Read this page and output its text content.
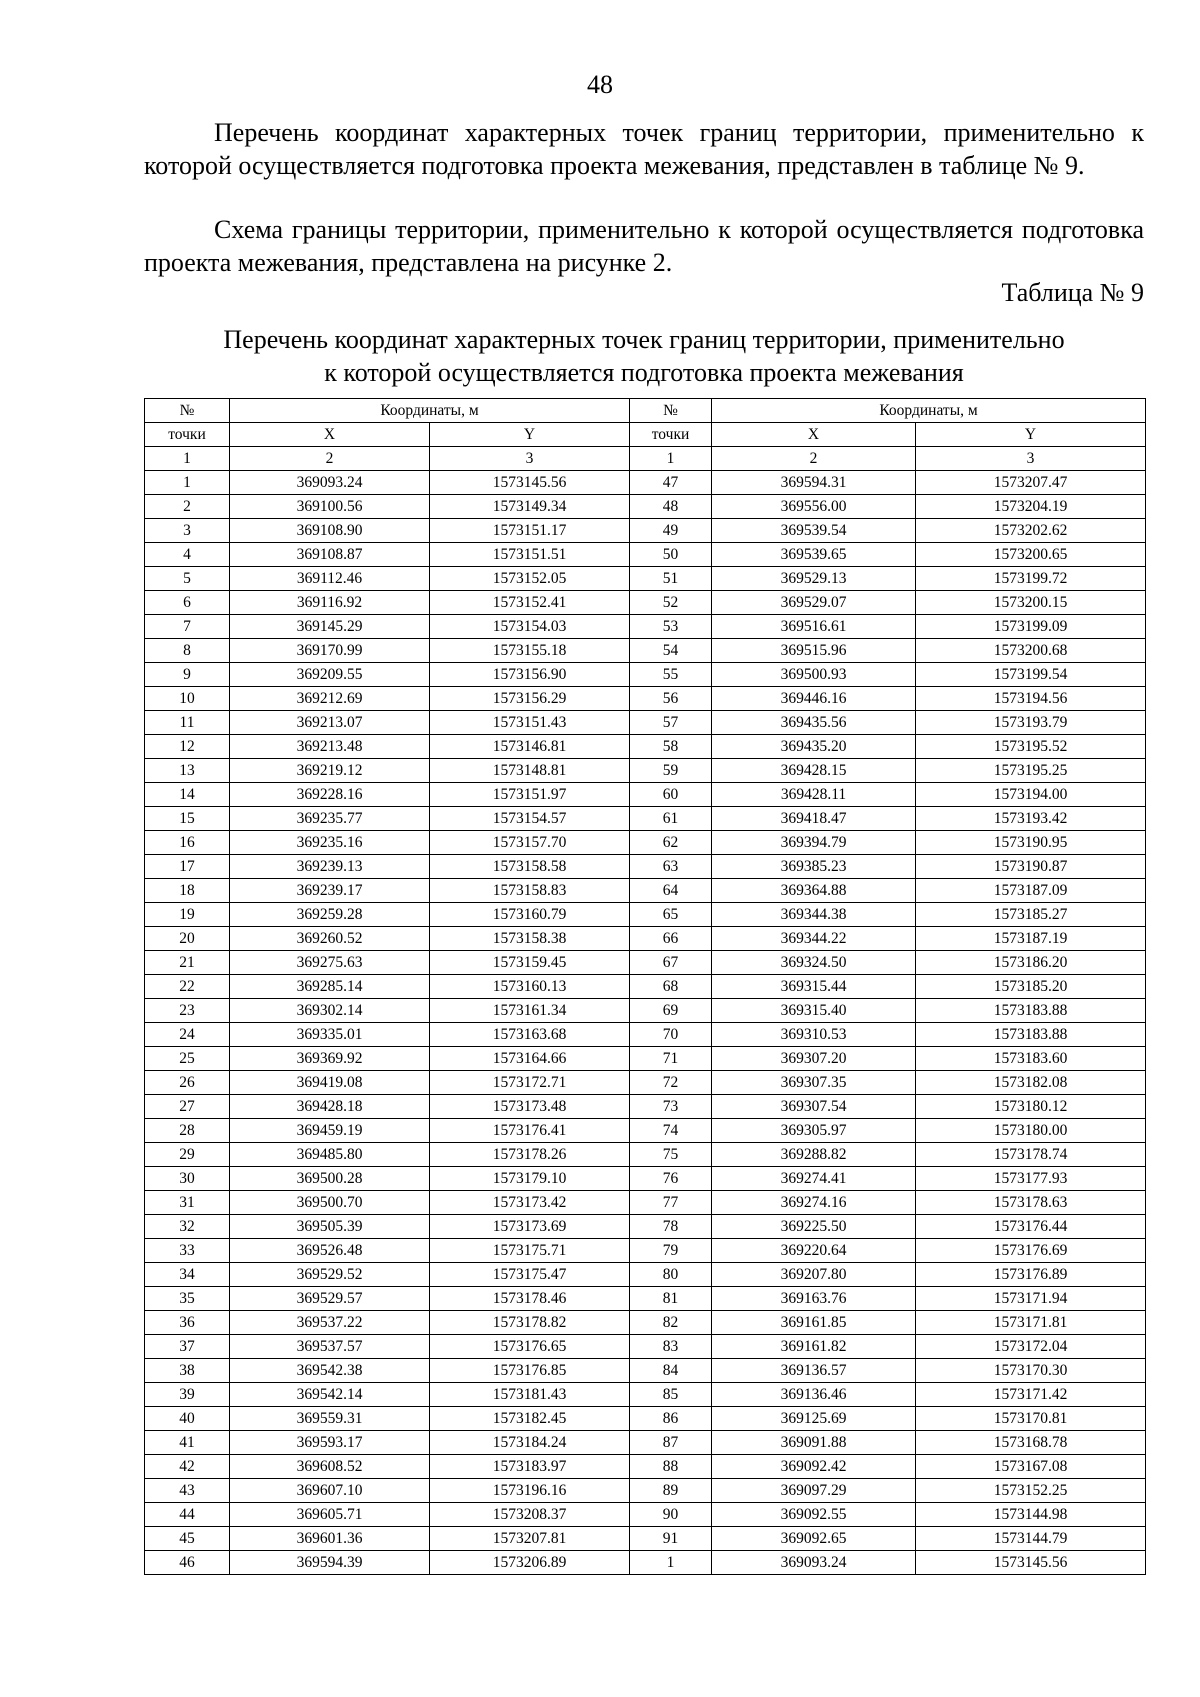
48

Перечень координат характерных точек границ территории, применительно к которой осуществляется подготовка проекта межевания, представлен в таблице № 9.

Схема границы территории, применительно к которой осуществляется подготовка проекта межевания, представлена на рисунке 2.

Таблица № 9
Перечень координат характерных точек границ территории, применительно
к которой осуществляется подготовка проекта межевания
№	Координаты, м		№	Координаты, м	
точки	X	Y	точки	X	Y
1	2	3	1	2	3
1	369093.24	1573145.56	47	369594.31	1573207.47
2	369100.56	1573149.34	48	369556.00	1573204.19
3	369108.90	1573151.17	49	369539.54	1573202.62
4	369108.87	1573151.51	50	369539.65	1573200.65
5	369112.46	1573152.05	51	369529.13	1573199.72
6	369116.92	1573152.41	52	369529.07	1573200.15
7	369145.29	1573154.03	53	369516.61	1573199.09
8	369170.99	1573155.18	54	369515.96	1573200.68
9	369209.55	1573156.90	55	369500.93	1573199.54
10	369212.69	1573156.29	56	369446.16	1573194.56
11	369213.07	1573151.43	57	369435.56	1573193.79
12	369213.48	1573146.81	58	369435.20	1573195.52
13	369219.12	1573148.81	59	369428.15	1573195.25
14	369228.16	1573151.97	60	369428.11	1573194.00
15	369235.77	1573154.57	61	369418.47	1573193.42
16	369235.16	1573157.70	62	369394.79	1573190.95
17	369239.13	1573158.58	63	369385.23	1573190.87
18	369239.17	1573158.83	64	369364.88	1573187.09
19	369259.28	1573160.79	65	369344.38	1573185.27
20	369260.52	1573158.38	66	369344.22	1573187.19
21	369275.63	1573159.45	67	369324.50	1573186.20
22	369285.14	1573160.13	68	369315.44	1573185.20
23	369302.14	1573161.34	69	369315.40	1573183.88
24	369335.01	1573163.68	70	369310.53	1573183.88
25	369369.92	1573164.66	71	369307.20	1573183.60
26	369419.08	1573172.71	72	369307.35	1573182.08
27	369428.18	1573173.48	73	369307.54	1573180.12
28	369459.19	1573176.41	74	369305.97	1573180.00
29	369485.80	1573178.26	75	369288.82	1573178.74
30	369500.28	1573179.10	76	369274.41	1573177.93
31	369500.70	1573173.42	77	369274.16	1573178.63
32	369505.39	1573173.69	78	369225.50	1573176.44
33	369526.48	1573175.71	79	369220.64	1573176.69
34	369529.52	1573175.47	80	369207.80	1573176.89
35	369529.57	1573178.46	81	369163.76	1573171.94
36	369537.22	1573178.82	82	369161.85	1573171.81
37	369537.57	1573176.65	83	369161.82	1573172.04
38	369542.38	1573176.85	84	369136.57	1573170.30
39	369542.14	1573181.43	85	369136.46	1573171.42
40	369559.31	1573182.45	86	369125.69	1573170.81
41	369593.17	1573184.24	87	369091.88	1573168.78
42	369608.52	1573183.97	88	369092.42	1573167.08
43	369607.10	1573196.16	89	369097.29	1573152.25
44	369605.71	1573208.37	90	369092.55	1573144.98
45	369601.36	1573207.81	91	369092.65	1573144.79
46	369594.39	1573206.89	1	369093.24	1573145.56
